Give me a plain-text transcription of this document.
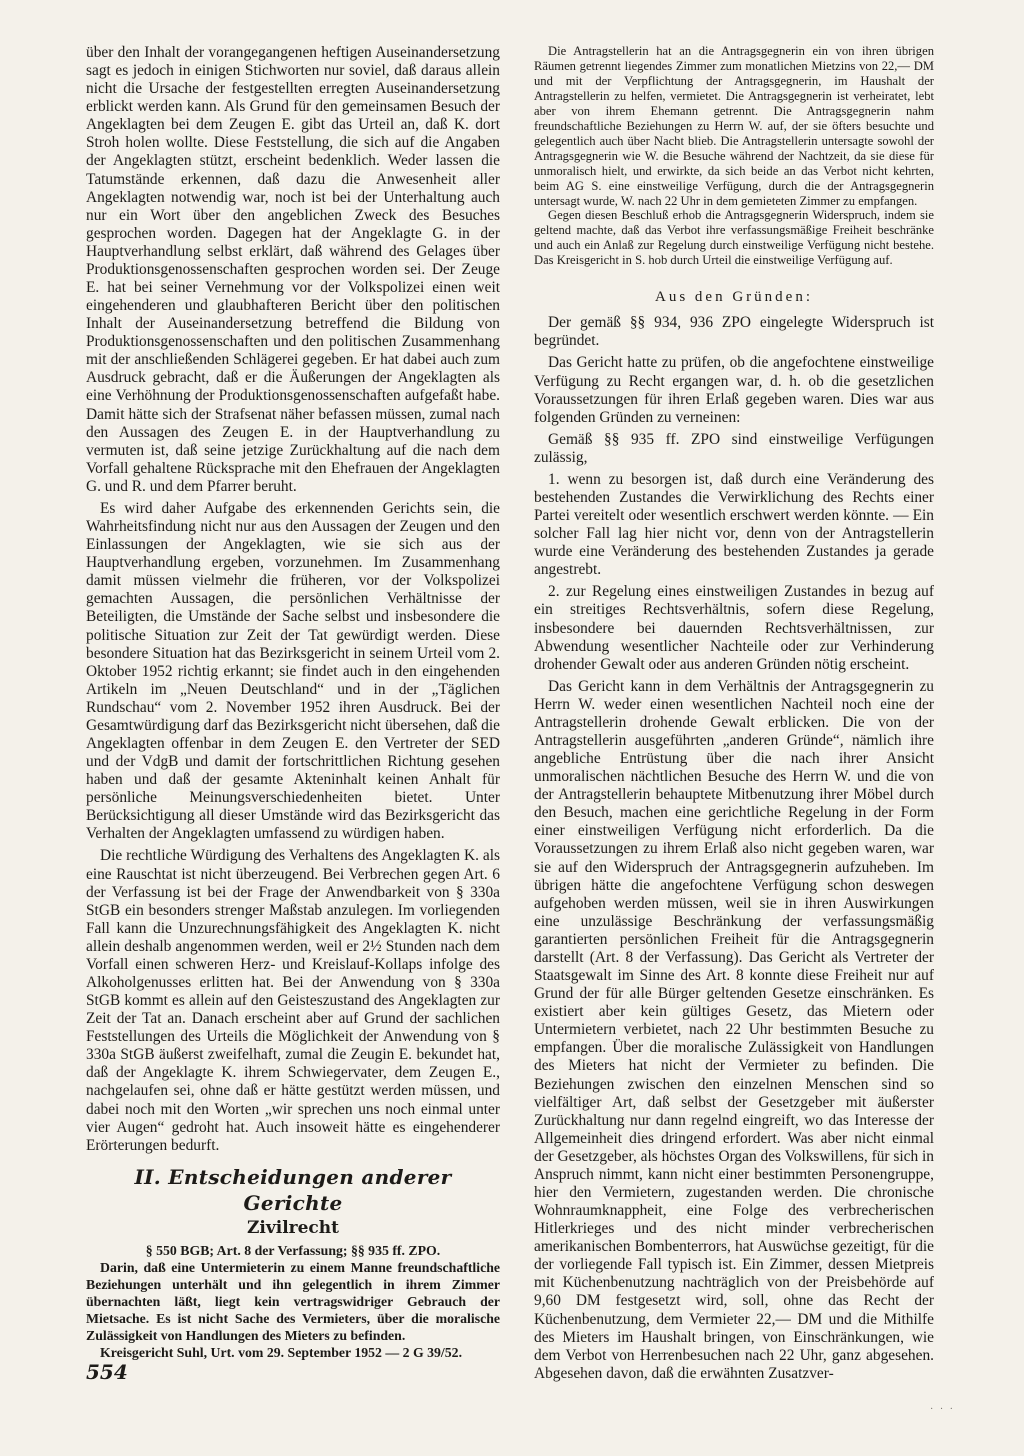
über den Inhalt der vorangegangenen heftigen Auseinandersetzung sagt es jedoch in einigen Stichworten nur soviel, daß daraus allein nicht die Ursache der festgestellten erregten Auseinandersetzung erblickt werden kann. Als Grund für den gemeinsamen Besuch der Angeklagten bei dem Zeugen E. gibt das Urteil an, daß K. dort Stroh holen wollte. Diese Feststellung, die sich auf die Angaben der Angeklagten stützt, erscheint bedenklich. Weder lassen die Tatumstände erkennen, daß dazu die Anwesenheit aller Angeklagten notwendig war, noch ist bei der Unterhaltung auch nur ein Wort über den angeblichen Zweck des Besuches gesprochen worden. Dagegen hat der Angeklagte G. in der Hauptverhandlung selbst erklärt, daß während des Gelages über Produktionsgenossenschaften gesprochen worden sei. Der Zeuge E. hat bei seiner Vernehmung vor der Volkspolizei einen weit eingehenderen und glaubhafteren Bericht über den politischen Inhalt der Auseinandersetzung betreffend die Bildung von Produktionsgenossenschaften und den politischen Zusammenhang mit der anschließenden Schlägerei gegeben. Er hat dabei auch zum Ausdruck gebracht, daß er die Äußerungen der Angeklagten als eine Verhöhnung der Produktionsgenossenschaften aufgefaßt habe. Damit hätte sich der Strafsenat näher befassen müssen, zumal nach den Aussagen des Zeugen E. in der Hauptverhandlung zu vermuten ist, daß seine jetzige Zurückhaltung auf die nach dem Vorfall gehaltene Rücksprache mit den Ehefrauen der Angeklagten G. und R. und dem Pfarrer beruht.

Es wird daher Aufgabe des erkennenden Gerichts sein, die Wahrheitsfindung nicht nur aus den Aussagen der Zeugen und den Einlassungen der Angeklagten, wie sie sich aus der Hauptverhandlung ergeben, vorzunehmen. Im Zusammenhang damit müssen vielmehr die früheren, vor der Volkspolizei gemachten Aussagen, die persönlichen Verhältnisse der Beteiligten, die Umstände der Sache selbst und insbesondere die politische Situation zur Zeit der Tat gewürdigt werden. Diese besondere Situation hat das Bezirksgericht in seinem Urteil vom 2. Oktober 1952 richtig erkannt; sie findet auch in den eingehenden Artikeln im „Neuen Deutschland“ und in der „Täglichen Rundschau“ vom 2. November 1952 ihren Ausdruck. Bei der Gesamtwürdigung darf das Bezirksgericht nicht übersehen, daß die Angeklagten offenbar in dem Zeugen E. den Vertreter der SED und der VdgB und damit der fortschrittlichen Richtung gesehen haben und daß der gesamte Akteninhalt keinen Anhalt für persönliche Meinungsverschiedenheiten bietet. Unter Berücksichtigung all dieser Umstände wird das Bezirksgericht das Verhalten der Angeklagten umfassend zu würdigen haben.

Die rechtliche Würdigung des Verhaltens des Angeklagten K. als eine Rauschtat ist nicht überzeugend. Bei Verbrechen gegen Art. 6 der Verfassung ist bei der Frage der Anwendbarkeit von § 330a StGB ein besonders strenger Maßstab anzulegen. Im vorliegenden Fall kann die Unzurechnungsfähigkeit des Angeklagten K. nicht allein deshalb angenommen werden, weil er 2½ Stunden nach dem Vorfall einen schweren Herz- und Kreislauf-Kollaps infolge des Alkoholgenusses erlitten hat. Bei der Anwendung von § 330a StGB kommt es allein auf den Geisteszustand des Angeklagten zur Zeit der Tat an. Danach erscheint aber auf Grund der sachlichen Feststellungen des Urteils die Möglichkeit der Anwendung von § 330a StGB äußerst zweifelhaft, zumal die Zeugin E. bekundet hat, daß der Angeklagte K. ihrem Schwiegervater, dem Zeugen E., nachgelaufen sei, ohne daß er hätte gestützt werden müssen, und dabei noch mit den Worten „wir sprechen uns noch einmal unter vier Augen“ gedroht hat. Auch insoweit hätte es eingehenderer Erörterungen bedurft.

II. Entscheidungen anderer Gerichte
Zivilrecht

§ 550 BGB; Art. 8 der Verfassung; §§ 935 ff. ZPO.

Darin, daß eine Untermieterin zu einem Manne freundschaftliche Beziehungen unterhält und ihn gelegentlich in ihrem Zimmer übernachten läßt, liegt kein vertragswidriger Gebrauch der Mietsache. Es ist nicht Sache des Vermieters, über die moralische Zulässigkeit von Handlungen des Mieters zu befinden.

Kreisgericht Suhl, Urt. vom 29. September 1952 — 2 G 39/52.

Die Antragstellerin hat an die Antragsgegnerin ein von ihren übrigen Räumen getrennt liegendes Zimmer zum monatlichen Mietzins von 22,— DM und mit der Verpflichtung der Antragsgegnerin, im Haushalt der Antragstellerin zu helfen, vermietet. Die Antragsgegnerin ist verheiratet, lebt aber von ihrem Ehemann getrennt. Die Antragsgegnerin nahm freundschaftliche Beziehungen zu Herrn W. auf, der sie öfters besuchte und gelegentlich auch über Nacht blieb. Die Antragstellerin untersagte sowohl der Antragsgegnerin wie W. die Besuche während der Nachtzeit, da sie diese für unmoralisch hielt, und erwirkte, da sich beide an das Verbot nicht kehrten, beim AG S. eine einstweilige Verfügung, durch die der Antragsgegnerin untersagt wurde, W. nach 22 Uhr in dem gemieteten Zimmer zu empfangen.

Gegen diesen Beschluß erhob die Antragsgegnerin Widerspruch, indem sie geltend machte, daß das Verbot ihre verfassungsmäßige Freiheit beschränke und auch ein Anlaß zur Regelung durch einstweilige Verfügung nicht bestehe. Das Kreisgericht in S. hob durch Urteil die einstweilige Verfügung auf.

Aus den Gründen:

Der gemäß §§ 934, 936 ZPO eingelegte Widerspruch ist begründet.

Das Gericht hatte zu prüfen, ob die angefochtene einstweilige Verfügung zu Recht ergangen war, d. h. ob die gesetzlichen Voraussetzungen für ihren Erlaß gegeben waren. Dies war aus folgenden Gründen zu verneinen:

Gemäß §§ 935 ff. ZPO sind einstweilige Verfügungen zulässig,

1. wenn zu besorgen ist, daß durch eine Veränderung des bestehenden Zustandes die Verwirklichung des Rechts einer Partei vereitelt oder wesentlich erschwert werden könnte. — Ein solcher Fall lag hier nicht vor, denn von der Antragstellerin wurde eine Veränderung des bestehenden Zustandes ja gerade angestrebt.

2. zur Regelung eines einstweiligen Zustandes in bezug auf ein streitiges Rechtsverhältnis, sofern diese Regelung, insbesondere bei dauernden Rechtsverhältnissen, zur Abwendung wesentlicher Nachteile oder zur Verhinderung drohender Gewalt oder aus anderen Gründen nötig erscheint.

Das Gericht kann in dem Verhältnis der Antragsgegnerin zu Herrn W. weder einen wesentlichen Nachteil noch eine der Antragstellerin drohende Gewalt erblicken. Die von der Antragstellerin ausgeführten „anderen Gründe“, nämlich ihre angebliche Entrüstung über die nach ihrer Ansicht unmoralischen nächtlichen Besuche des Herrn W. und die von der Antragstellerin behauptete Mitbenutzung ihrer Möbel durch den Besuch, machen eine gerichtliche Regelung in der Form einer einstweiligen Verfügung nicht erforderlich. Da die Voraussetzungen zu ihrem Erlaß also nicht gegeben waren, war sie auf den Widerspruch der Antragsgegnerin aufzuheben. Im übrigen hätte die angefochtene Verfügung schon deswegen aufgehoben werden müssen, weil sie in ihren Auswirkungen eine unzulässige Beschränkung der verfassungsmäßig garantierten persönlichen Freiheit für die Antragsgegnerin darstellt (Art. 8 der Verfassung). Das Gericht als Vertreter der Staatsgewalt im Sinne des Art. 8 konnte diese Freiheit nur auf Grund der für alle Bürger geltenden Gesetze einschränken. Es existiert aber kein gültiges Gesetz, das Mietern oder Untermietern verbietet, nach 22 Uhr bestimmten Besuche zu empfangen. Über die moralische Zulässigkeit von Handlungen des Mieters hat nicht der Vermieter zu befinden. Die Beziehungen zwischen den einzelnen Menschen sind so vielfältiger Art, daß selbst der Gesetzgeber mit äußerster Zurückhaltung nur dann regelnd eingreift, wo das Interesse der Allgemeinheit dies dringend erfordert. Was aber nicht einmal der Gesetzgeber, als höchstes Organ des Volkswillens, für sich in Anspruch nimmt, kann nicht einer bestimmten Personengruppe, hier den Vermietern, zugestanden werden. Die chronische Wohnraumknappheit, eine Folge des verbrecherischen Hitlerkrieges und des nicht minder verbrecherischen amerikanischen Bombenterrors, hat Auswüchse gezeitigt, für die der vorliegende Fall typisch ist. Ein Zimmer, dessen Mietpreis mit Küchenbenutzung nachträglich von der Preisbehörde auf 9,60 DM festgesetzt wird, soll, ohne das Recht der Küchenbenutzung, dem Vermieter 22,— DM und die Mithilfe des Mieters im Haushalt bringen, von Einschränkungen, wie dem Verbot von Herrenbesuchen nach 22 Uhr, ganz abgesehen. Abgesehen davon, daß die erwähnten Zusatzver-

554
· · ·
